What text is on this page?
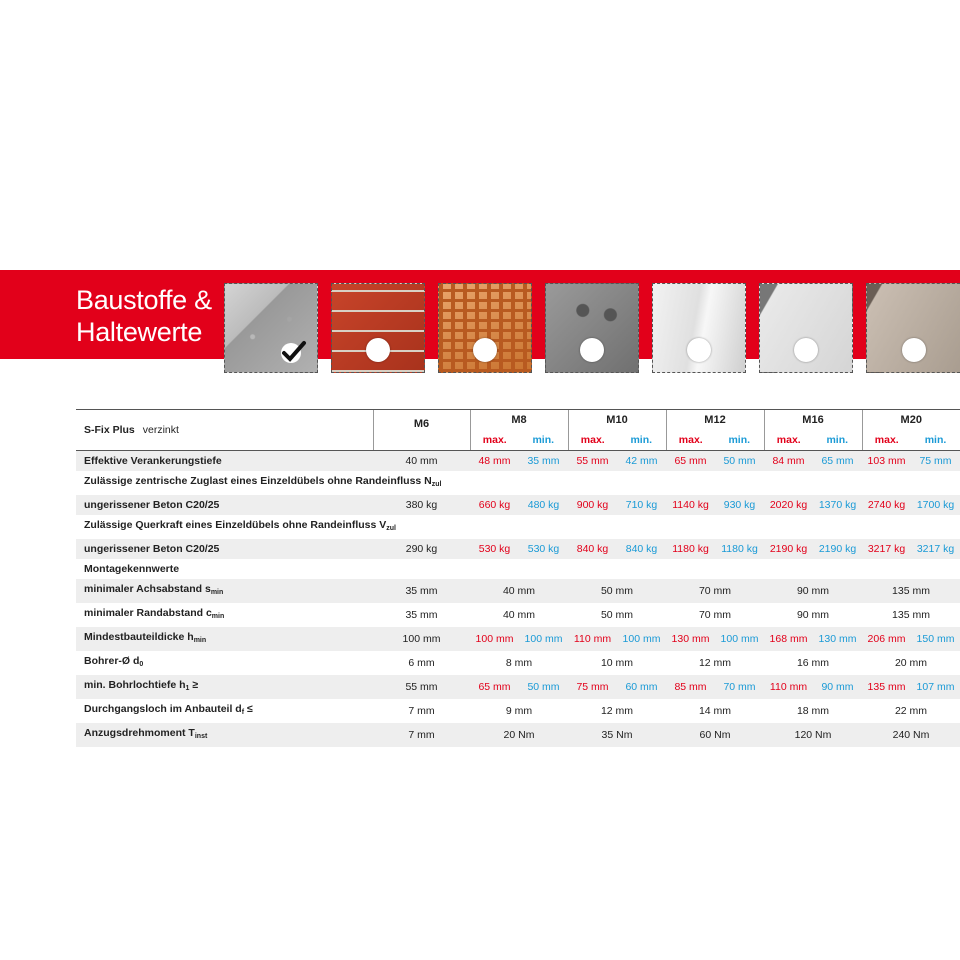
Baustoffe &
Haltewerte
S-Fix Plus verzinkt	M6	M8		M10		M12		M16		M20	
		max.	min.	max.	min.	max.	min.	max.	min.	max.	min.
Effektive Verankerungstiefe	40 mm	48 mm	35 mm	55 mm	42 mm	65 mm	50 mm	84 mm	65 mm	103 mm	75 mm
Zulässige zentrische Zuglast eines Einzeldübels ohne Randeinfluss $N_{zul}$
ungerissener Beton C20/25	380 kg	660 kg	480 kg	900 kg	710 kg	1140 kg	930 kg	2020 kg	1370 kg	2740 kg	1700 kg
Zulässige Querkraft eines Einzeldübels ohne Randeinfluss $V_{zul}$
ungerissener Beton C20/25	290 kg	530 kg	530 kg	840 kg	840 kg	1180 kg	1180 kg	2190 kg	2190 kg	3217 kg	3217 kg
Montagekennwerte											
minimaler Achsabstand $s_{min}$	35 mm	40 mm		50 mm		70 mm		90 mm		135 mm	
minimaler Randabstand $c_{min}$	35 mm	40 mm		50 mm		70 mm		90 mm		135 mm	
Mindestbauteildicke $h_{min}$	100 mm	100 mm	100 mm	110 mm	100 mm	130 mm	100 mm	168 mm	130 mm	206 mm	150 mm
Bohrer-Ø $d_0$	6 mm	8 mm		10 mm		12 mm		16 mm		20 mm	
min. Bohrlochtiefe $h_1$ ≥	55 mm	65 mm	50 mm	75 mm	60 mm	85 mm	70 mm	110 mm	90 mm	135 mm	107 mm
Durchgangsloch im Anbauteil $d_f$ ≤	7 mm	9 mm		12 mm		14 mm		18 mm		22 mm	
Anzugsdrehmoment $T_{inst}$	7 mm	20 Nm		35 Nm		60 Nm		120 Nm		240 Nm	
